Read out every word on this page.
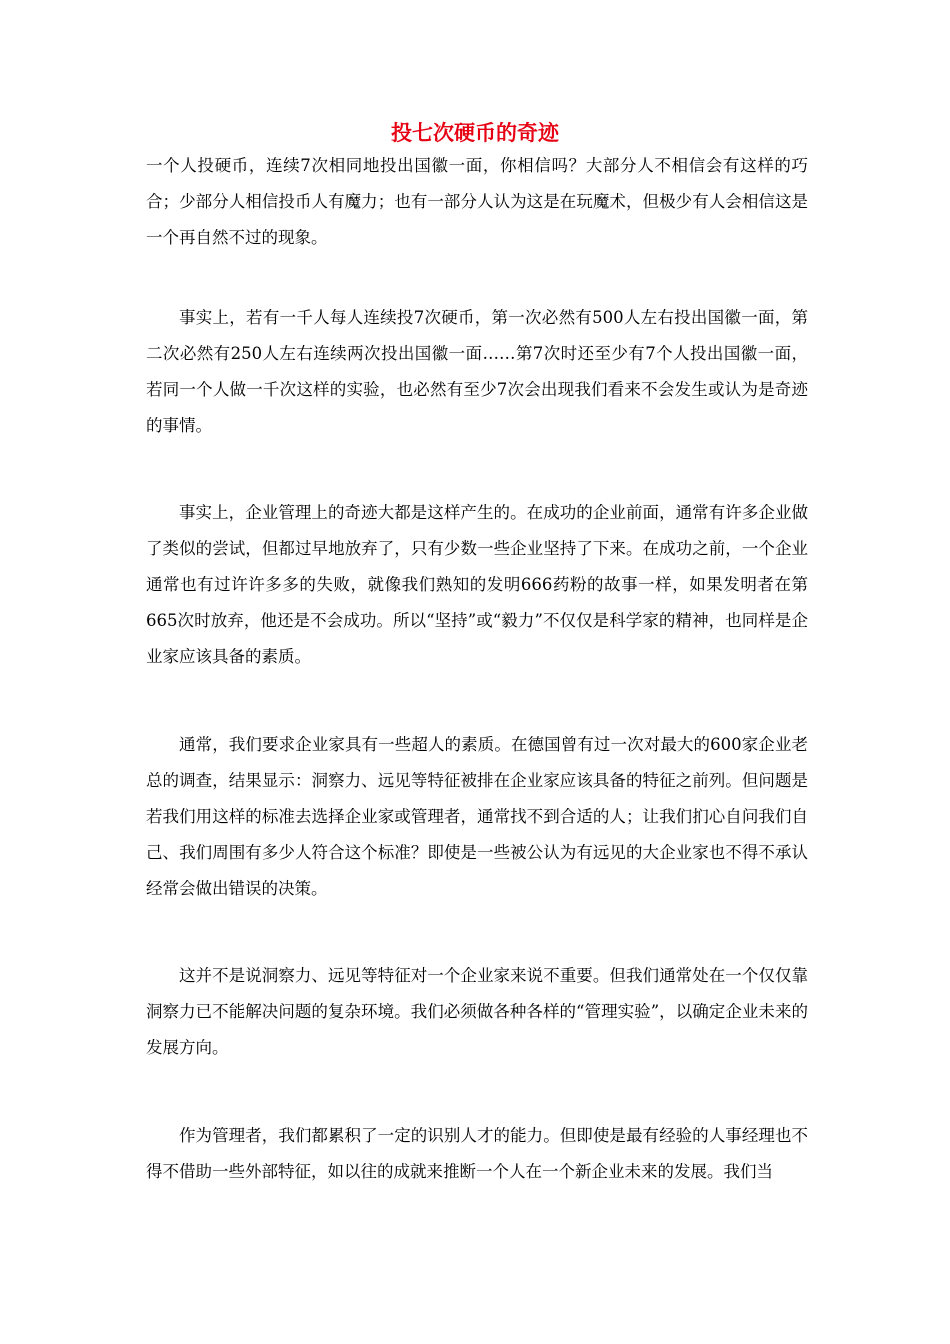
投七次硬币的奇迹

一个人投硬币，连续7次相同地投出国徽一面，你相信吗？大部分人不相信会有这样的巧合；少部分人相信投币人有魔力；也有一部分人认为这是在玩魔术，但极少有人会相信这是一个再自然不过的现象。

事实上，若有一千人每人连续投7次硬币，第一次必然有500人左右投出国徽一面，第二次必然有250人左右连续两次投出国徽一面……第7次时还至少有7个人投出国徽一面，若同一个人做一千次这样的实验，也必然有至少7次会出现我们看来不会发生或认为是奇迹的事情。

事实上，企业管理上的奇迹大都是这样产生的。在成功的企业前面，通常有许多企业做了类似的尝试，但都过早地放弃了，只有少数一些企业坚持了下来。在成功之前，一个企业通常也有过许许多多的失败，就像我们熟知的发明666药粉的故事一样，如果发明者在第665次时放弃，他还是不会成功。所以“坚持”或“毅力”不仅仅是科学家的精神，也同样是企业家应该具备的素质。

通常，我们要求企业家具有一些超人的素质。在德国曾有过一次对最大的600家企业老总的调查，结果显示：洞察力、远见等特征被排在企业家应该具备的特征之前列。但问题是若我们用这样的标准去选择企业家或管理者，通常找不到合适的人；让我们扪心自问我们自己、我们周围有多少人符合这个标准？即使是一些被公认为有远见的大企业家也不得不承认经常会做出错误的决策。

这并不是说洞察力、远见等特征对一个企业家来说不重要。但我们通常处在一个仅仅靠洞察力已不能解决问题的复杂环境。我们必须做各种各样的“管理实验”，以确定企业未来的发展方向。

作为管理者，我们都累积了一定的识别人才的能力。但即使是最有经验的人事经理也不得不借助一些外部特征，如以往的成就来推断一个人在一个新企业未来的发展。我们当
